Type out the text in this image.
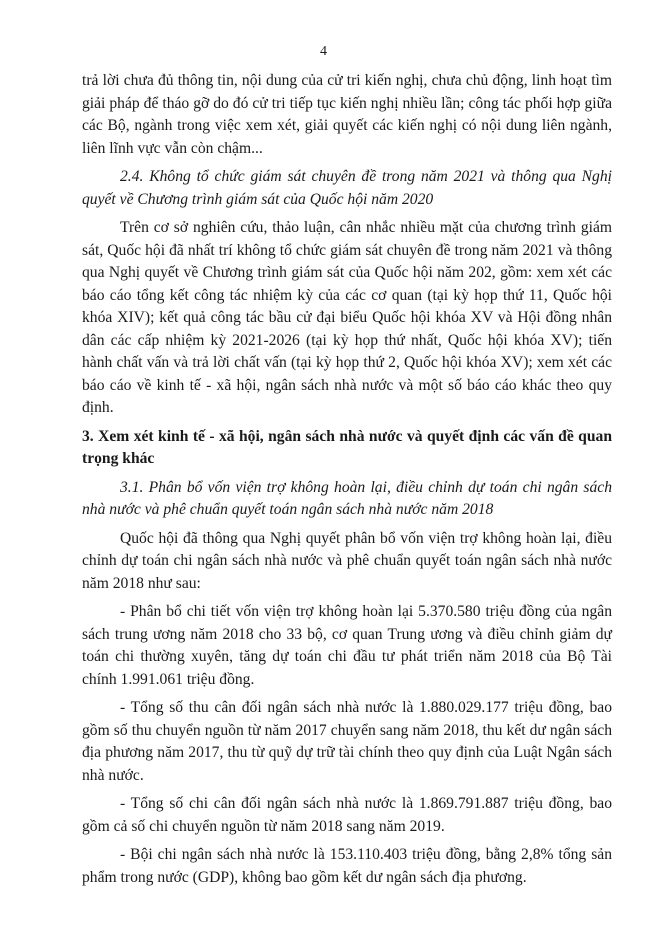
4

trả lời chưa đủ thông tin, nội dung của cử tri kiến nghị, chưa chủ động, linh hoạt tìm giải pháp để tháo gỡ do đó cử tri tiếp tục kiến nghị nhiều lần; công tác phối hợp giữa các Bộ, ngành trong việc xem xét, giải quyết các kiến nghị có nội dung liên ngành, liên lĩnh vực vẫn còn chậm...

2.4. Không tổ chức giám sát chuyên đề trong năm 2021 và thông qua Nghị quyết về Chương trình giám sát của Quốc hội năm 2020

Trên cơ sở nghiên cứu, thảo luận, cân nhắc nhiều mặt của chương trình giám sát, Quốc hội đã nhất trí không tổ chức giám sát chuyên đề trong năm 2021 và thông qua Nghị quyết về Chương trình giám sát của Quốc hội năm 202, gồm: xem xét các báo cáo tổng kết công tác nhiệm kỳ của các cơ quan (tại kỳ họp thứ 11, Quốc hội khóa XIV); kết quả công tác bầu cử đại biểu Quốc hội khóa XV và Hội đồng nhân dân các cấp nhiệm kỳ 2021-2026 (tại kỳ họp thứ nhất, Quốc hội khóa XV); tiến hành chất vấn và trả lời chất vấn (tại kỳ họp thứ 2, Quốc hội khóa XV); xem xét các báo cáo về kinh tế - xã hội, ngân sách nhà nước và một số báo cáo khác theo quy định.

3. Xem xét kinh tế - xã hội, ngân sách nhà nước và quyết định các vấn đề quan trọng khác

3.1. Phân bổ vốn viện trợ không hoàn lại, điều chỉnh dự toán chi ngân sách nhà nước và phê chuẩn quyết toán ngân sách nhà nước năm 2018

Quốc hội đã thông qua Nghị quyết phân bổ vốn viện trợ không hoàn lại, điều chỉnh dự toán chi ngân sách nhà nước và phê chuẩn quyết toán ngân sách nhà nước năm 2018 như sau:

- Phân bổ chi tiết vốn viện trợ không hoàn lại 5.370.580 triệu đồng của ngân sách trung ương năm 2018 cho 33 bộ, cơ quan Trung ương và điều chỉnh giảm dự toán chi thường xuyên, tăng dự toán chi đầu tư phát triển năm 2018 của Bộ Tài chính 1.991.061 triệu đồng.

- Tổng số thu cân đối ngân sách nhà nước là 1.880.029.177 triệu đồng, bao gồm số thu chuyển nguồn từ năm 2017 chuyển sang năm 2018, thu kết dư ngân sách địa phương năm 2017, thu từ quỹ dự trữ tài chính theo quy định của Luật Ngân sách nhà nước.

- Tổng số chi cân đối ngân sách nhà nước là 1.869.791.887 triệu đồng, bao gồm cả số chi chuyển nguồn từ năm 2018 sang năm 2019.

- Bội chi ngân sách nhà nước là 153.110.403 triệu đồng, bằng 2,8% tổng sản phẩm trong nước (GDP), không bao gồm kết dư ngân sách địa phương.
